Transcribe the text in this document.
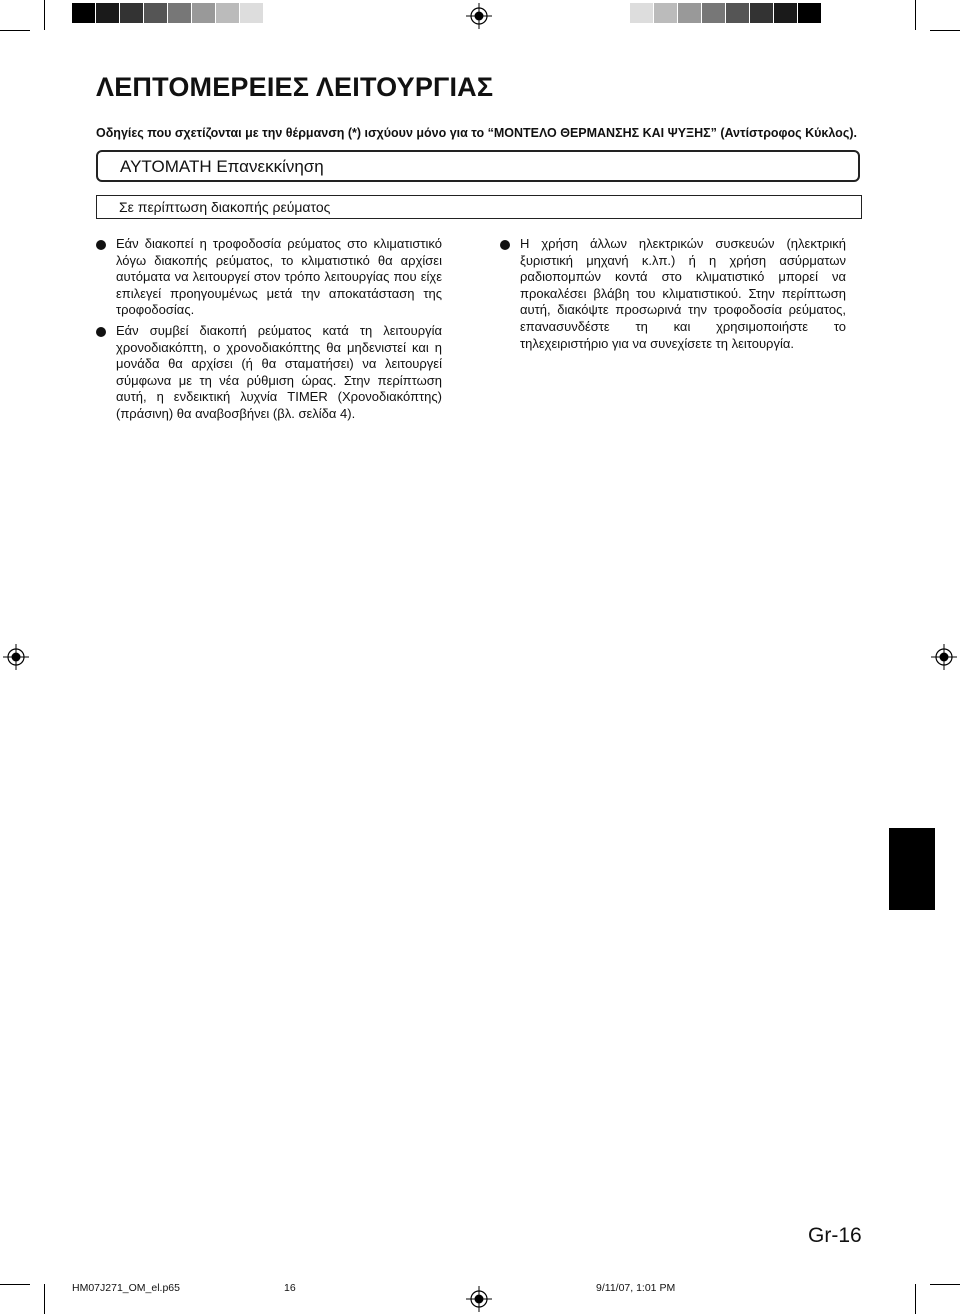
ΛΕΠΤΟΜΕΡΕΙΕΣ ΛΕΙΤΟΥΡΓΙΑΣ
Οδηγίες που σχετίζονται με την θέρμανση (*) ισχύουν μόνο για το “ΜΟΝΤΕΛΟ ΘΕΡΜΑΝΣΗΣ ΚΑΙ ΨΥΞΗΣ” (Αντίστροφος Κύκλος).
ΑΥΤΟΜΑΤΗ Επανεκκίνηση
Σε περίπτωση διακοπής ρεύματος
Εάν διακοπεί η τροφοδοσία ρεύματος στο κλιματιστικό λόγω διακοπής ρεύματος, το κλιματιστικό θα αρχίσει αυτόματα να λειτουργεί στον τρόπο λειτουργίας που είχε επιλεγεί προηγουμένως μετά την αποκατάσταση της τροφοδοσίας.
Εάν συμβεί διακοπή ρεύματος κατά τη λειτουργία χρονοδιακόπτη, ο χρονοδιακόπτης θα μηδενιστεί και η μονάδα θα αρχίσει (ή θα σταματήσει) να λειτουργεί σύμφωνα με τη νέα ρύθμιση ώρας. Στην περίπτωση αυτή, η ενδεικτική λυχνία TIMER (Χρονοδιακόπτης) (πράσινη) θα αναβοσβήνει (βλ. σελίδα 4).
Η χρήση άλλων ηλεκτρικών συσκευών (ηλεκτρική ξυριστική μηχανή κ.λπ.) ή η χρήση ασύρματων ραδιοπομπών κοντά στο κλιματιστικό μπορεί να προκαλέσει βλάβη του κλιματιστικού. Στην περίπτωση αυτή, διακόψτε προσωρινά την τροφοδοσία ρεύματος, επανασυνδέστε τη και χρησιμοποιήστε το τηλεχειριστήριο για να συνεχίσετε τη λειτουργία.
Gr-16
HM07J271_OM_el.p65	16	9/11/07, 1:01 PM
